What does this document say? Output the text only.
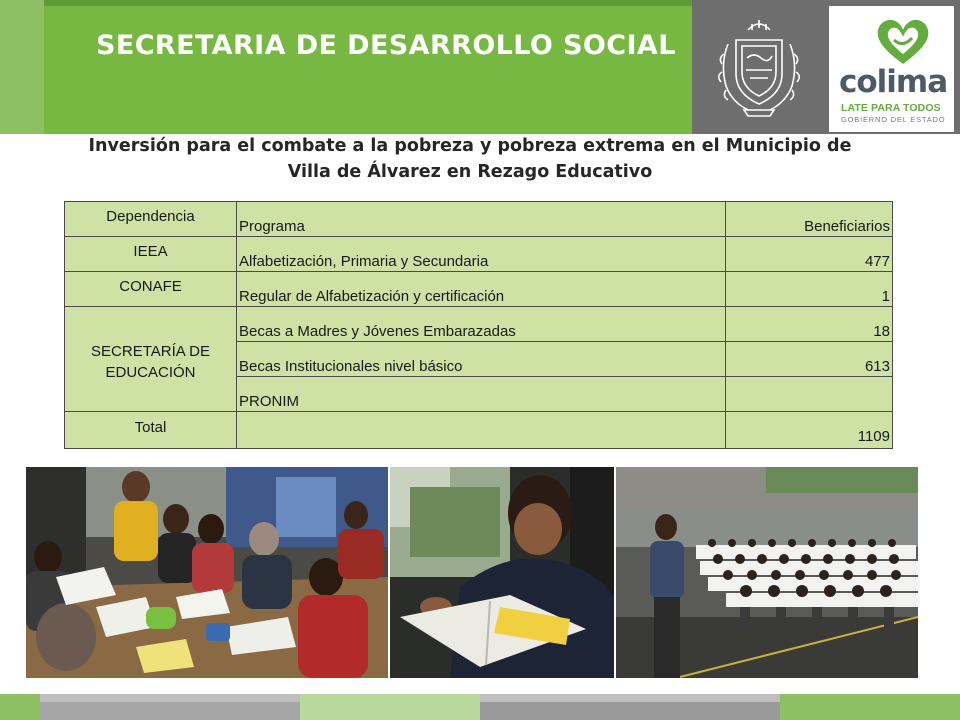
SECRETARIA DE DESARROLLO SOCIAL
colima
LATE PARA TODOS
GOBIERNO DEL ESTADO
Inversión para el combate a la pobreza y pobreza extrema en el Municipio de
Villa de Álvarez en Rezago Educativo
Dependencia	Programa	Beneficiarios

IEEA	Alfabetización, Primaria y Secundaria	477

CONAFE	Regular de Alfabetización y certificación	1

SECRETARÍA DE EDUCACIÓN	Becas a Madres y Jóvenes Embarazadas	18
	Becas Institucionales nivel básico	613
	PRONIM	

Total		1109
